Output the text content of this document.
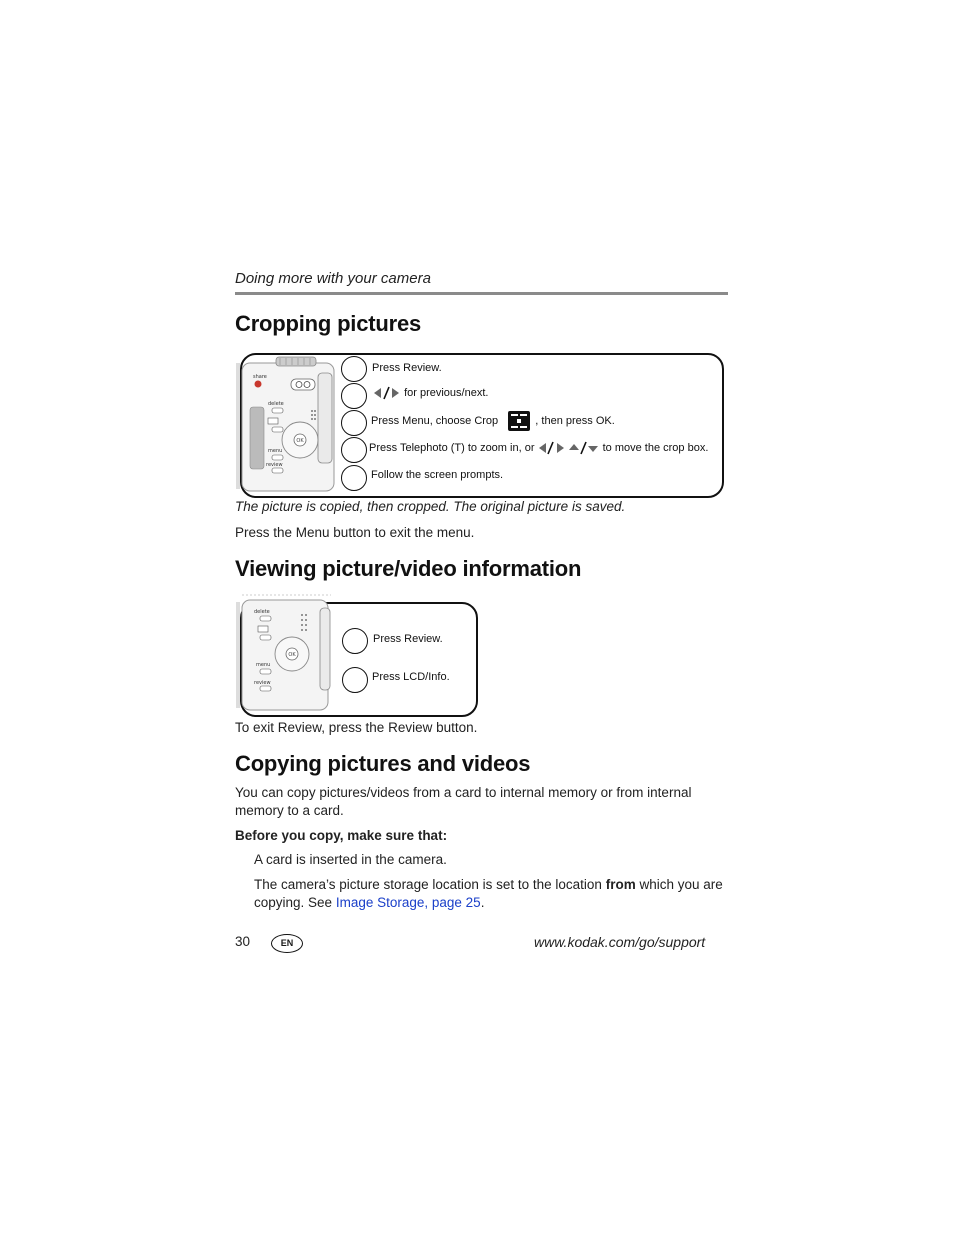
Doing more with your camera
Cropping pictures
share
delete
OK
menu
review
Press Review.
for previous/next.
Press Menu, choose Crop	, then press OK.
Press Telephoto (T) to zoom in, or	to move the crop box.
Follow the screen prompts.
The picture is copied, then cropped. The original picture is saved.
Press the Menu button to exit the menu.
Viewing picture/video information
delete
OK
menu
review
Press Review.
Press LCD/Info.
To exit Review, press the Review button.
Copying pictures and videos
You can copy pictures/videos from a card to internal memory or from internal memory to a card.
Before you copy, make sure that:
A card is inserted in the camera.
The camera’s picture storage location is set to the location from which you are copying. See Image Storage, page 25.
30	EN	www.kodak.com/go/support
